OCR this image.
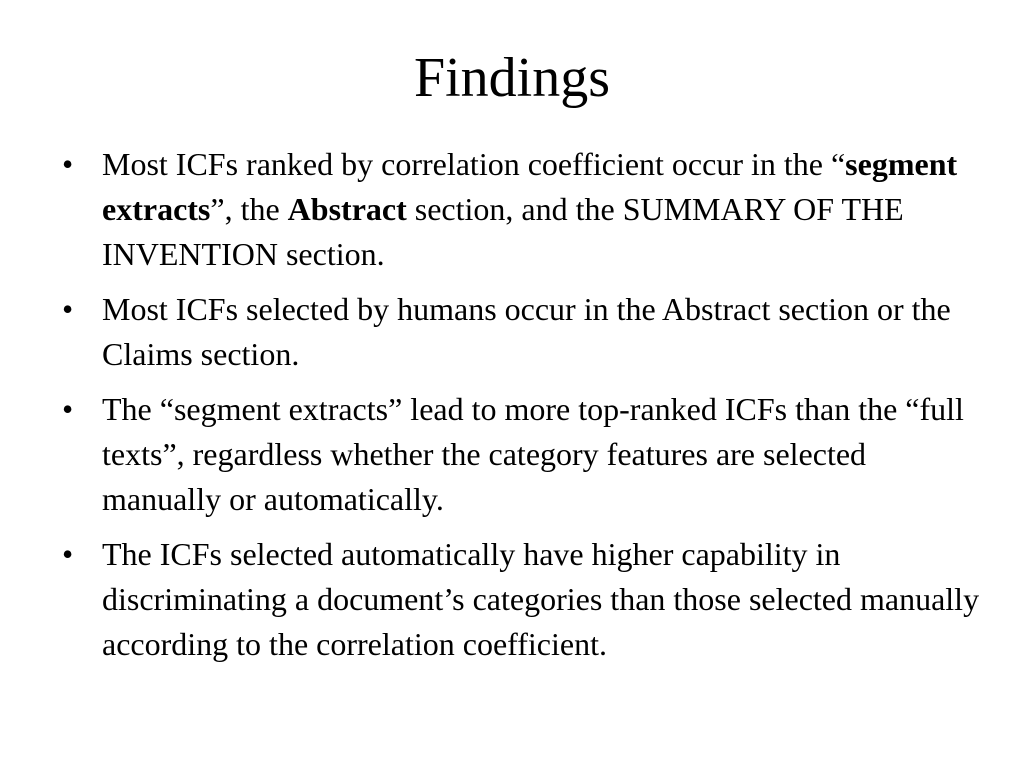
Findings
• Most ICFs ranked by correlation coefficient occur in the “segment extracts”, the Abstract section, and the SUMMARY OF THE INVENTION section.
• Most ICFs selected by humans occur in the Abstract section or the Claims section.
• The “segment extracts” lead to more top-ranked ICFs than the “full texts”, regardless whether the category features are selected manually or automatically.
• The ICFs selected automatically have higher capability in discriminating a document’s categories than those selected manually according to the correlation coefficient.
